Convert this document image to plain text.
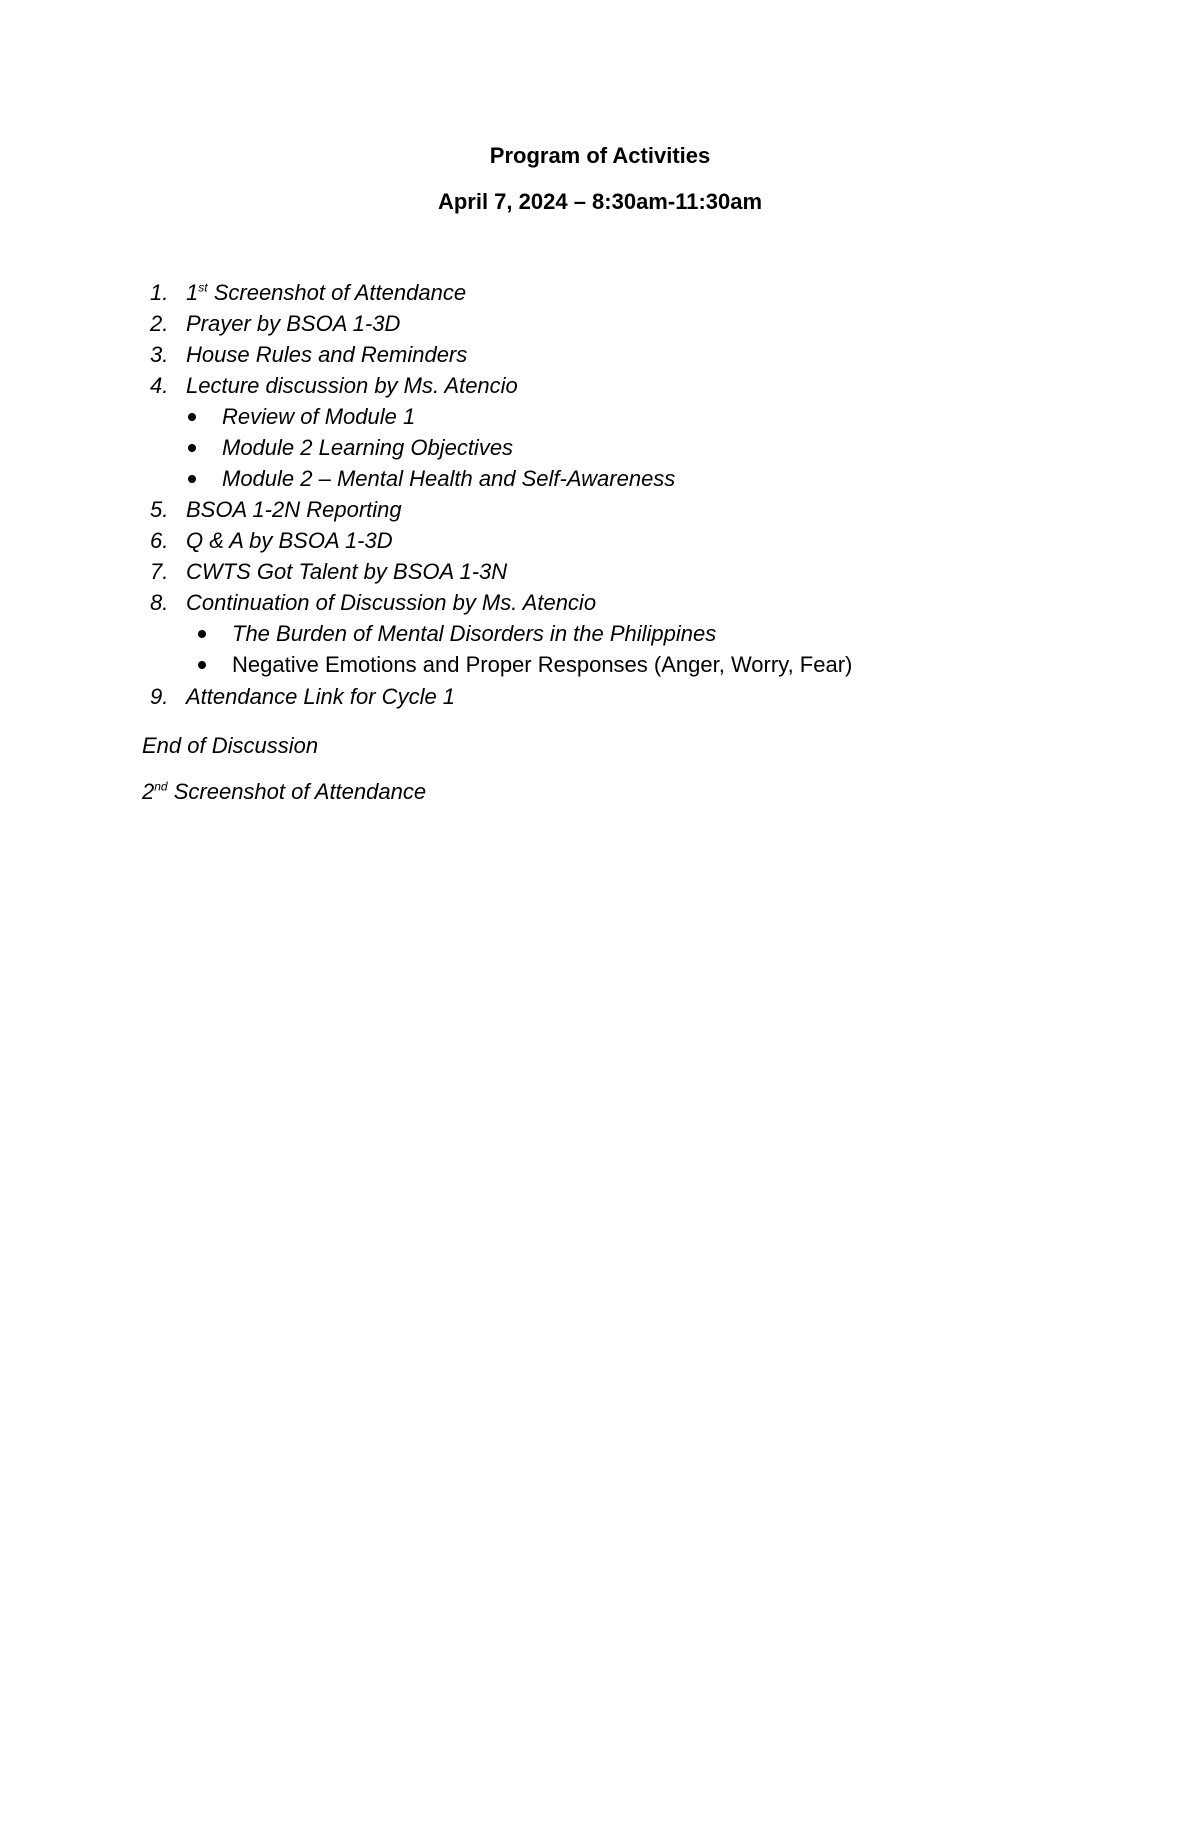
Program of Activities

April 7, 2024 – 8:30am-11:30am

1. 1st Screenshot of Attendance
2. Prayer by BSOA 1-3D
3. House Rules and Reminders
4. Lecture discussion by Ms. Atencio
Review of Module 1
Module 2 Learning Objectives
Module 2 – Mental Health and Self-Awareness
5. BSOA 1-2N Reporting
6. Q & A by BSOA 1-3D
7. CWTS Got Talent by BSOA 1-3N
8. Continuation of Discussion by Ms. Atencio
The Burden of Mental Disorders in the Philippines
Negative Emotions and Proper Responses (Anger, Worry, Fear)
9. Attendance Link for Cycle 1

End of Discussion

2nd Screenshot of Attendance
